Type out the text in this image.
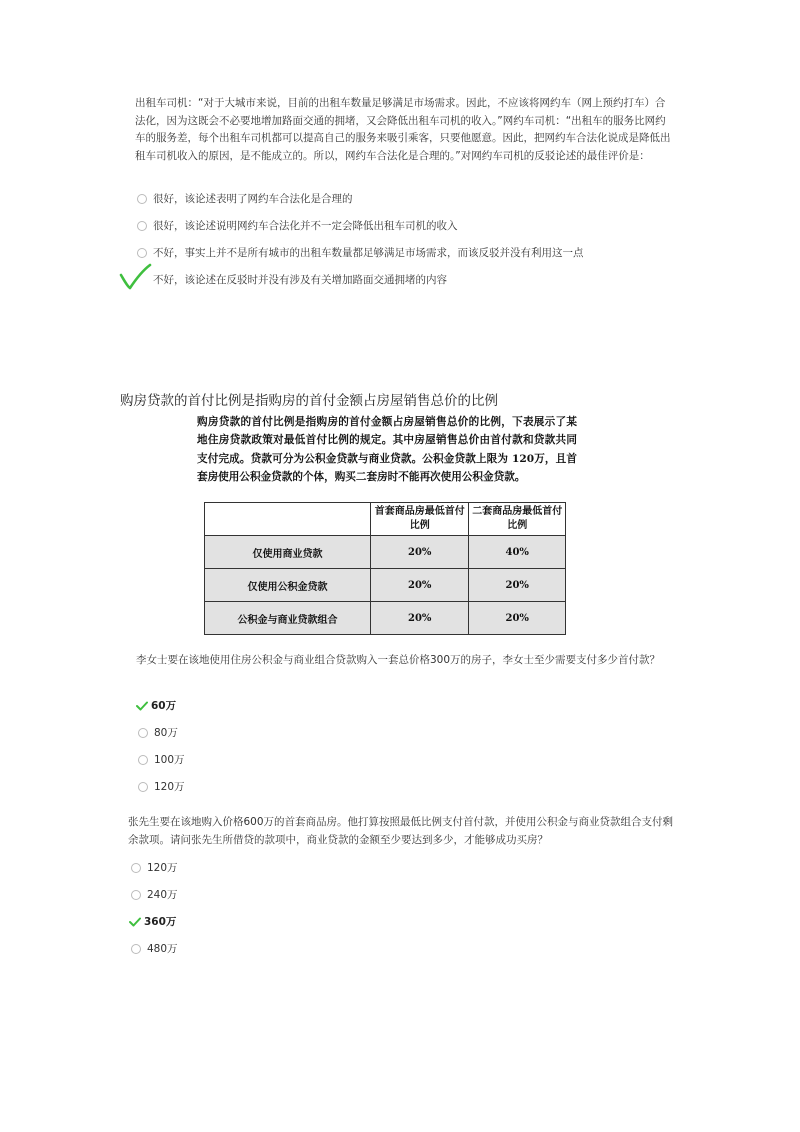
出租车司机：“对于大城市来说，目前的出租车数量足够满足市场需求。因此，不应该将网约车（网上预约打车）合法化，因为这既会不必要地增加路面交通的拥堵，又会降低出租车司机的收入。”网约车司机：“出租车的服务比网约车的服务差，每个出租车司机都可以提高自己的服务来吸引乘客，只要他愿意。因此，把网约车合法化说成是降低出租车司机收入的原因，是不能成立的。所以，网约车合法化是合理的。”对网约车司机的反驳论述的最佳评价是：
很好，该论述表明了网约车合法化是合理的
很好，该论述说明网约车合法化并不一定会降低出租车司机的收入
不好，事实上并不是所有城市的出租车数量都足够满足市场需求，而该反驳并没有利用这一点
不好，该论述在反驳时并没有涉及有关增加路面交通拥堵的内容
购房贷款的首付比例是指购房的首付金额占房屋销售总价的比例
购房贷款的首付比例是指购房的首付金额占房屋销售总价的比例，下表展示了某地住房贷款政策对最低首付比例的规定。其中房屋销售总价由首付款和贷款共同支付完成。贷款可分为公积金贷款与商业贷款。公积金贷款上限为 120万，且首套房使用公积金贷款的个体，购买二套房时不能再次使用公积金贷款。
	首套商品房最低首付比例	二套商品房最低首付比例
仅使用商业贷款	20%	40%
仅使用公积金贷款	20%	20%
公积金与商业贷款组合	20%	20%
李女士要在该地使用住房公积金与商业组合贷款购入一套总价格300万的房子，李女士至少需要支付多少首付款？
60万
80万
100万
120万
张先生要在该地购入价格600万的首套商品房。他打算按照最低比例支付首付款，并使用公积金与商业贷款组合支付剩余款项。请问张先生所借贷的款项中，商业贷款的金额至少要达到多少，才能够成功买房？
120万
240万
360万
480万
